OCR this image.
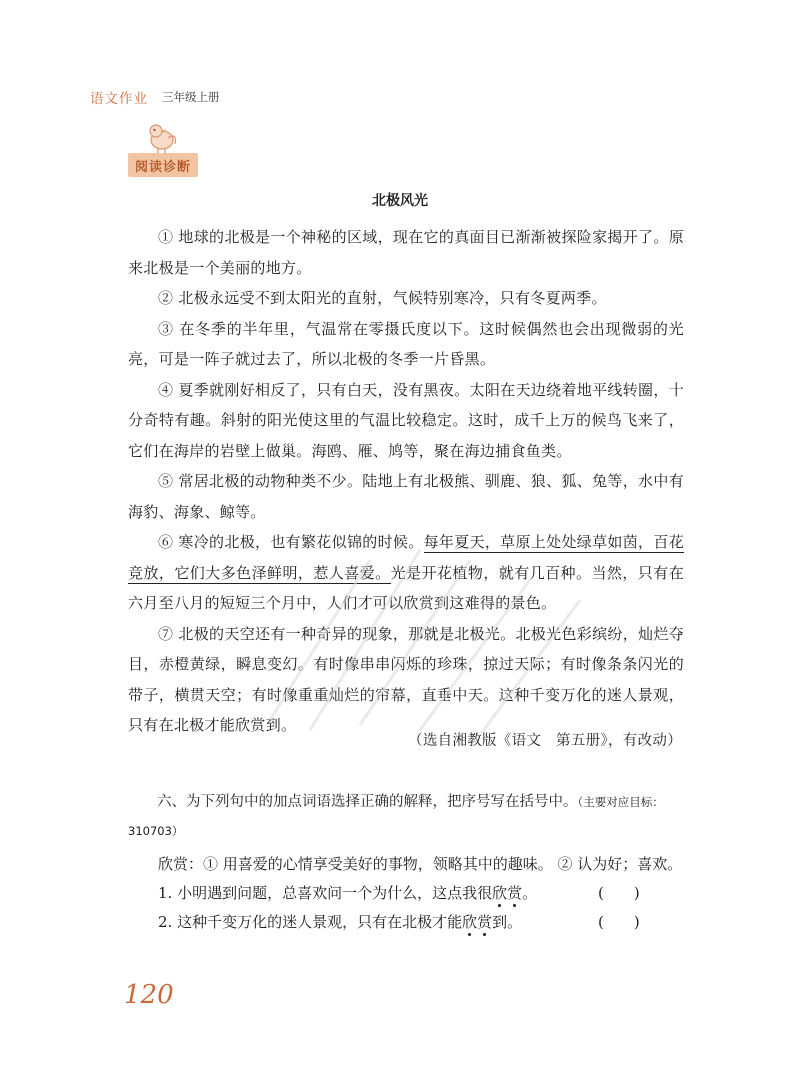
语文作业 三年级上册
阅读诊断
北极风光

① 地球的北极是一个神秘的区域，现在它的真面目已渐渐被探险家揭开了。原来北极是一个美丽的地方。

② 北极永远受不到太阳光的直射，气候特别寒冷，只有冬夏两季。

③ 在冬季的半年里，气温常在零摄氏度以下。这时候偶然也会出现微弱的光亮，可是一阵子就过去了，所以北极的冬季一片昏黑。

④ 夏季就刚好相反了，只有白天，没有黑夜。太阳在天边绕着地平线转圈，十分奇特有趣。斜射的阳光使这里的气温比较稳定。这时，成千上万的候鸟飞来了，它们在海岸的岩壁上做巢。海鸥、雁、鸠等，聚在海边捕食鱼类。

⑤ 常居北极的动物种类不少。陆地上有北极熊、驯鹿、狼、狐、兔等，水中有海豹、海象、鲸等。

⑥ 寒冷的北极，也有繁花似锦的时候。每年夏天，草原上处处绿草如茵，百花竞放，它们大多色泽鲜明，惹人喜爱。光是开花植物，就有几百种。当然，只有在六月至八月的短短三个月中，人们才可以欣赏到这难得的景色。

⑦ 北极的天空还有一种奇异的现象，那就是北极光。北极光色彩缤纷，灿烂夺目，赤橙黄绿，瞬息变幻。有时像串串闪烁的珍珠，掠过天际；有时像条条闪光的带子，横贯天空；有时像重重灿烂的帘幕，直垂中天。这种千变万化的迷人景观，只有在北极才能欣赏到。

（选自湘教版《语文　第五册》，有改动）
六、为下列句中的加点词语选择正确的解释，把序号写在括号中。（主要对应目标：310703）
欣赏：① 用喜爱的心情享受美好的事物，领略其中的趣味。 ② 认为好；喜欢。
1. 小明遇到问题，总喜欢问一个为什么，这点我很欣赏。	(　　)
2. 这种千变万化的迷人景观，只有在北极才能欣赏到。	(　　)
120
